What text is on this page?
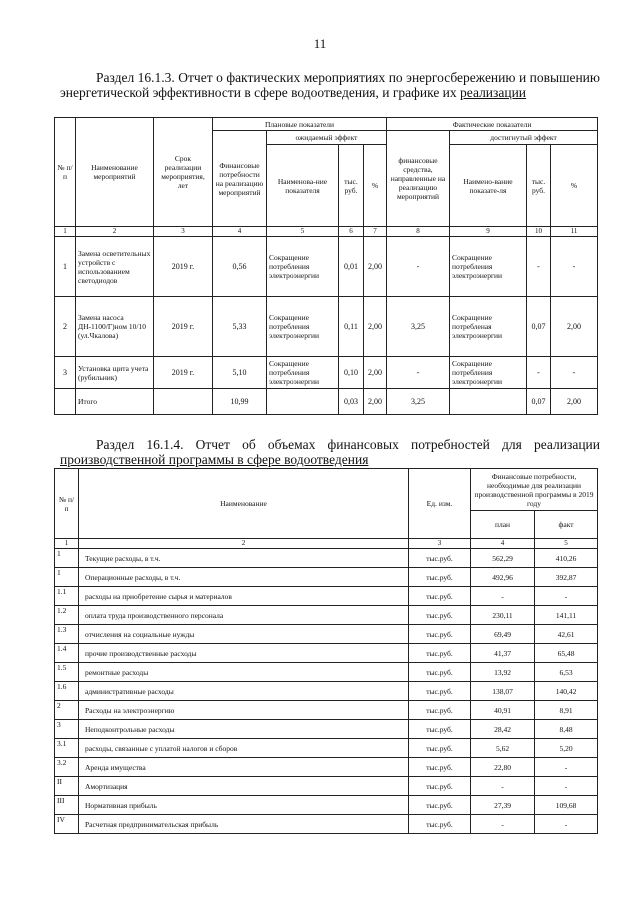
11
Раздел 16.1.3. Отчет о фактических мероприятиях по энергосбережению и повышению энергетической эффективности в сфере водоотведения, и графике их реализации
№ п/п	Наименование мероприятий	Срок реализации мероприятия, лет	Плановые показатели				Фактические показатели			
			Финансовые потребности на реализацию мероприятий	ожидаемый эффект			финансовые средства, направленные на реализацию мероприятий	достигнутый эффект		
				Наименова-ние показателя	тыс. руб.	%		Наимено-вание показате-ля	тыс. руб.	%
1	2	3	4	5	6	7	8	9	10	11
1	Замена осветительных устройств с использованием светодиодов	2019 г.	0,56	Сокращение потребления электроэнергии	0,01	2,00	-	Сокращение потребления электроэнергии	-	-
2	Замена насоса ДН-1100/Г)ном 10/10 (ул.Чкалова)	2019 г.	5,33	Сокращение потребления электроэнергии	0,11	2,00	3,25	Сокращение потребленая электроэнергии	0,07	2,00
3	Установка щита учета (рубильник)	2019 г.	5,10	Сокращение потребления электроэнергии	0,10	2,00	-	Сокращение потребления электроэнергии	-	-
	Итого		10,99		0,03	2,00	3,25		0,07	2,00
Раздел 16.1.4. Отчет об объемах финансовых потребностей для реализации производственной программы в сфере водоотведения
№ п/п	Наименование	Ед. изм.	Финансовые потребности, необходимые для реализации производственной программы в 2019 году	
			план	факт
1	2	3	4	5
1	Текущие расходы, в т.ч.	тыс.руб.	562,29	410,26
1	Операционные расходы, в т.ч.	тыс.руб.	492,96	392,87
1.1	расходы на приобретение сырья и материалов	тыс.руб.	-	-
1.2	оплата труда производственного персонала	тыс.руб.	230,11	141,11
1.3	отчисления на социальные нужды	тыс.руб.	69,49	42,61
1.4	прочие производственные расходы	тыс.руб.	41,37	65,48
1.5	ремонтные расходы	тыс.руб.	13,92	6,53
1.6	административные расходы	тыс.руб.	138,07	140,42
2	Расходы на электроэнергию	тыс.руб.	40,91	8,91
3	Неподконтрольные расходы	тыс.руб.	28,42	8,48
3.1	расходы, связанные с уплатой налогов и сборов	тыс.руб.	5,62	5,20
3.2	Аренда имущества	тыс.руб.	22,80	-
II	Амортизация	тыс.руб.	-	-
III	Нормативная прибыль	тыс.руб.	27,39	109,68
IV	Расчетная предпринимательская прибыль	тыс.руб.	-	-
